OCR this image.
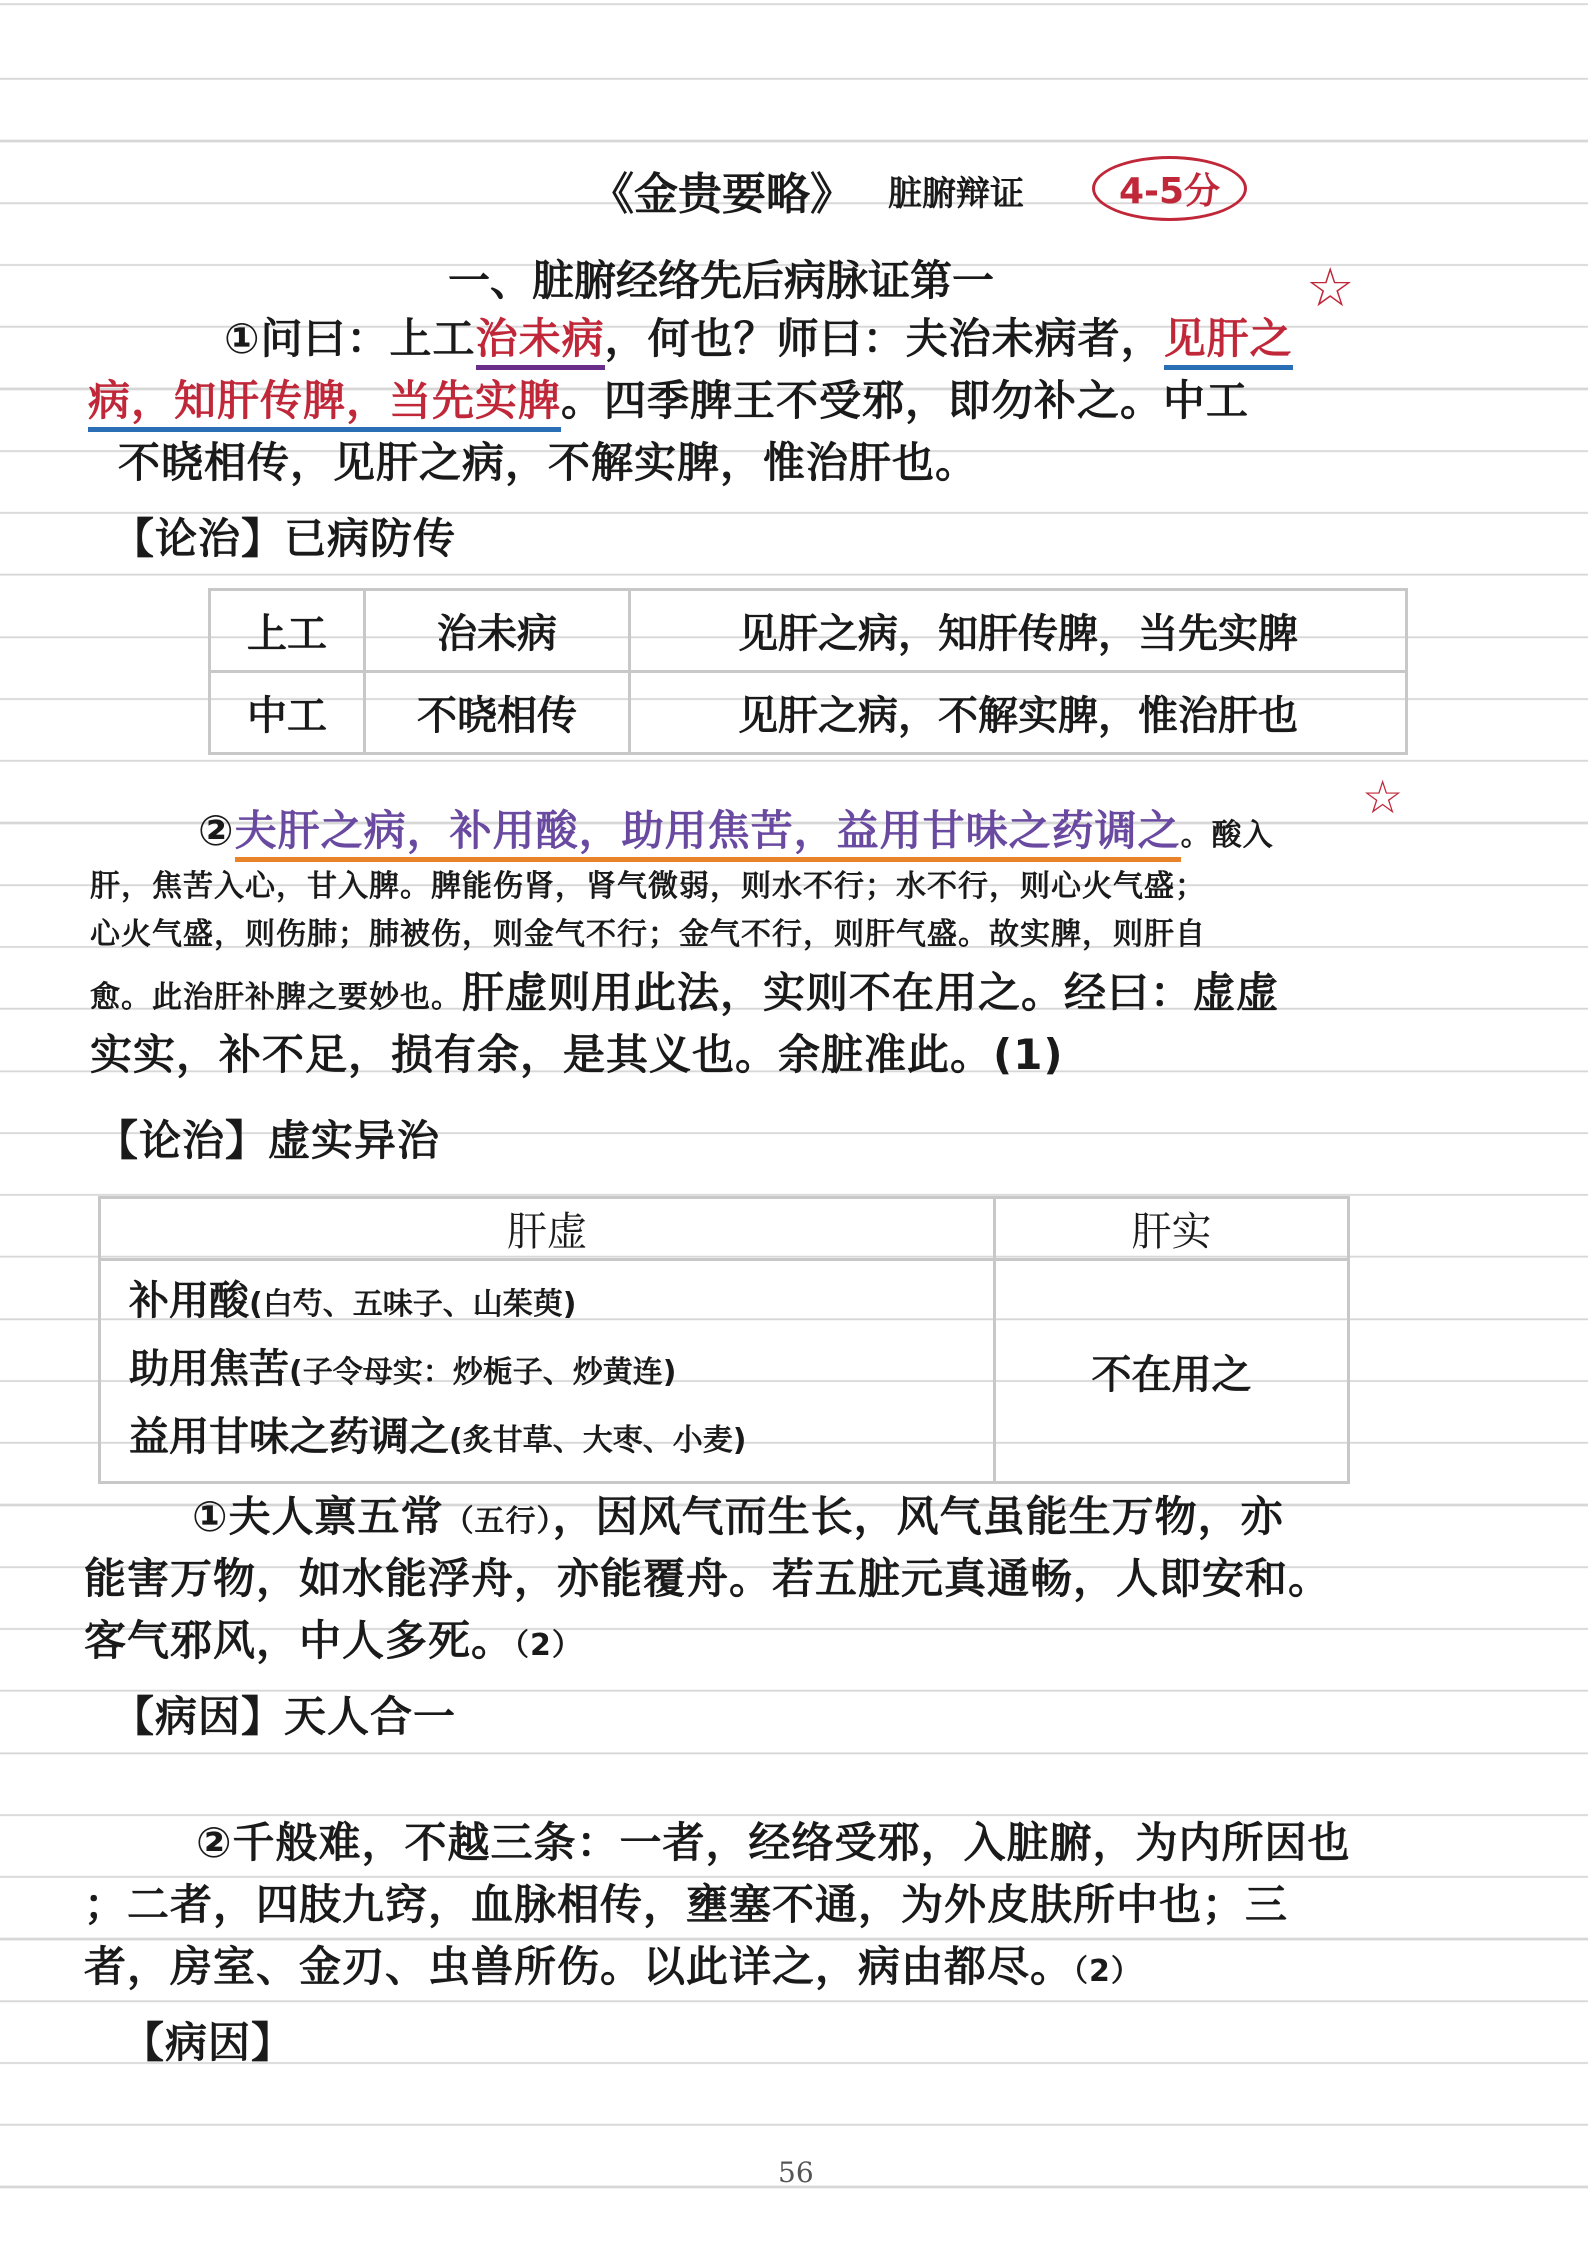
《金贵要略》 脏腑辩证	4-5分
一、脏腑经络先后病脉证第一	☆
①问曰：上工治未病，何也？师曰：夫治未病者，见肝之
病，知肝传脾，当先实脾。四季脾王不受邪，即勿补之。中工
不晓相传，见肝之病，不解实脾，惟治肝也。
【论治】已病防传
上工	治未病	见肝之病，知肝传脾，当先实脾
中工	不晓相传	见肝之病，不解实脾，惟治肝也
☆
②夫肝之病，补用酸，助用焦苦，益用甘味之药调之。酸入
肝，焦苦入心，甘入脾。脾能伤肾，肾气微弱，则水不行；水不行，则心火气盛；
心火气盛，则伤肺；肺被伤，则金气不行；金气不行，则肝气盛。故实脾，则肝自
愈。此治肝补脾之要妙也。肝虚则用此法，实则不在用之。经曰：虚虚
实实，补不足，损有余，是其义也。余脏准此。(1)
【论治】虚实异治
肝虚	肝实

补用酸(白芍、五味子、山茱萸)
助用焦苦(子令母实：炒栀子、炒黄连)
益用甘味之药调之(炙甘草、大枣、小麦)	不在用之
①夫人禀五常（五行），因风气而生长，风气虽能生万物，亦
能害万物，如水能浮舟，亦能覆舟。若五脏元真通畅，人即安和。
客气邪风，中人多死。（2）
【病因】天人合一
②千般难，不越三条：一者，经络受邪，入脏腑，为内所因也
；二者，四肢九窍，血脉相传，壅塞不通，为外皮肤所中也；三
者，房室、金刃、虫兽所伤。以此详之，病由都尽。（2）
【病因】
56
